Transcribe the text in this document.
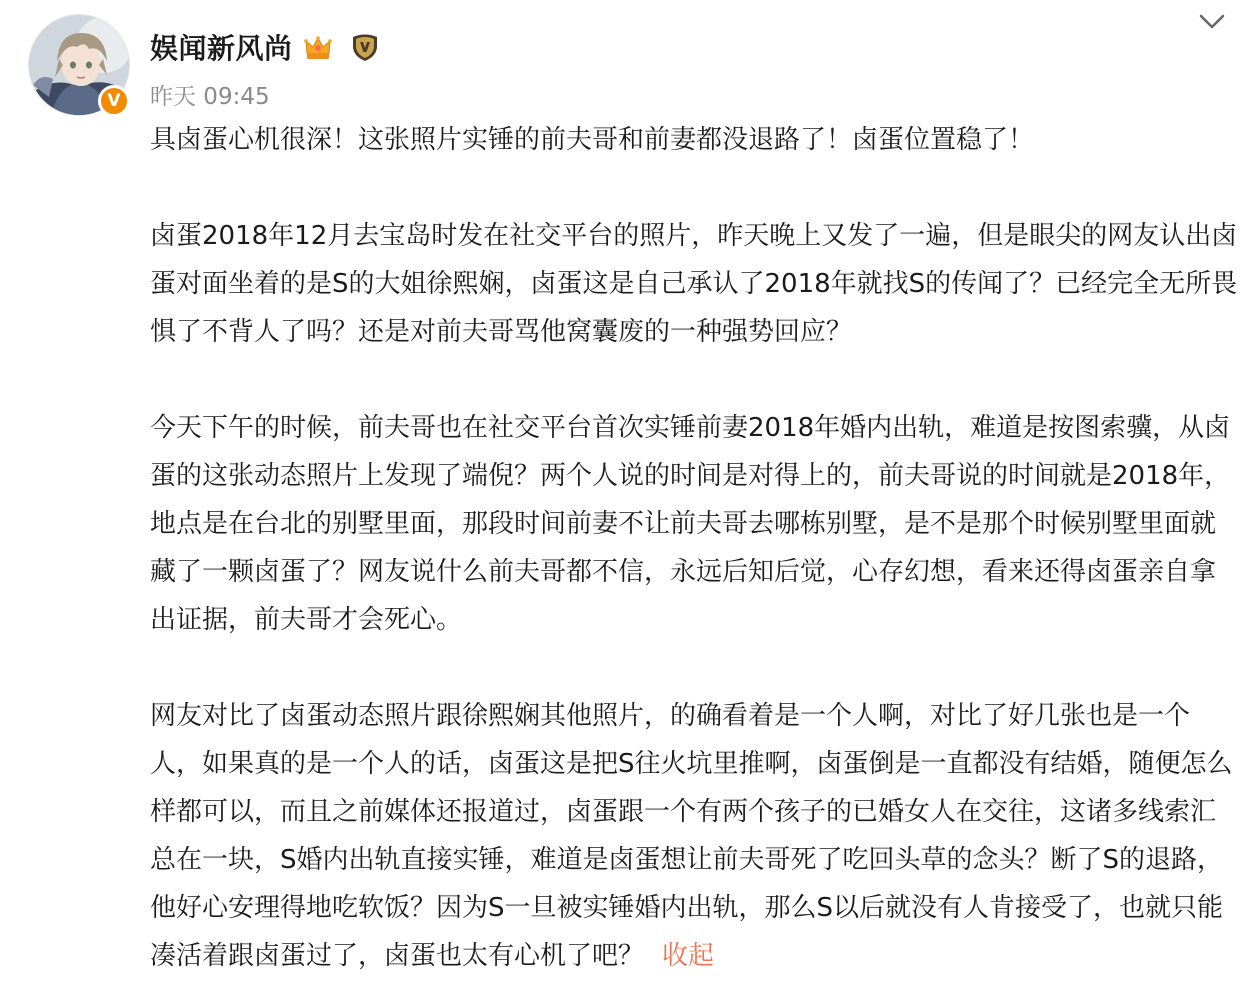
V
娱闻新风尚
昨天 09:45

具卤蛋心机很深！这张照片实锤的前夫哥和前妻都没退路了！卤蛋位置稳了！

卤蛋2018年12月去宝岛时发在社交平台的照片，昨天晚上又发了一遍，但是眼尖的网友认出卤蛋对面坐着的是S的大姐徐熙娴，卤蛋这是自己承认了2018年就找S的传闻了？已经完全无所畏惧了不背人了吗？还是对前夫哥骂他窝囊废的一种强势回应？

今天下午的时候，前夫哥也在社交平台首次实锤前妻2018年婚内出轨，难道是按图索骥，从卤蛋的这张动态照片上发现了端倪？两个人说的时间是对得上的，前夫哥说的时间就是2018年，地点是在台北的别墅里面，那段时间前妻不让前夫哥去哪栋别墅，是不是那个时候别墅里面就藏了一颗卤蛋了？网友说什么前夫哥都不信，永远后知后觉，心存幻想，看来还得卤蛋亲自拿出证据，前夫哥才会死心。

网友对比了卤蛋动态照片跟徐熙娴其他照片，的确看着是一个人啊，对比了好几张也是一个人，如果真的是一个人的话，卤蛋这是把S往火坑里推啊，卤蛋倒是一直都没有结婚，随便怎么样都可以，而且之前媒体还报道过，卤蛋跟一个有两个孩子的已婚女人在交往，这诸多线索汇总在一块，S婚内出轨直接实锤，难道是卤蛋想让前夫哥死了吃回头草的念头？断了S的退路，他好心安理得地吃软饭？因为S一旦被实锤婚内出轨，那么S以后就没有人肯接受了，也就只能凑活着跟卤蛋过了，卤蛋也太有心机了吧？ 收起
